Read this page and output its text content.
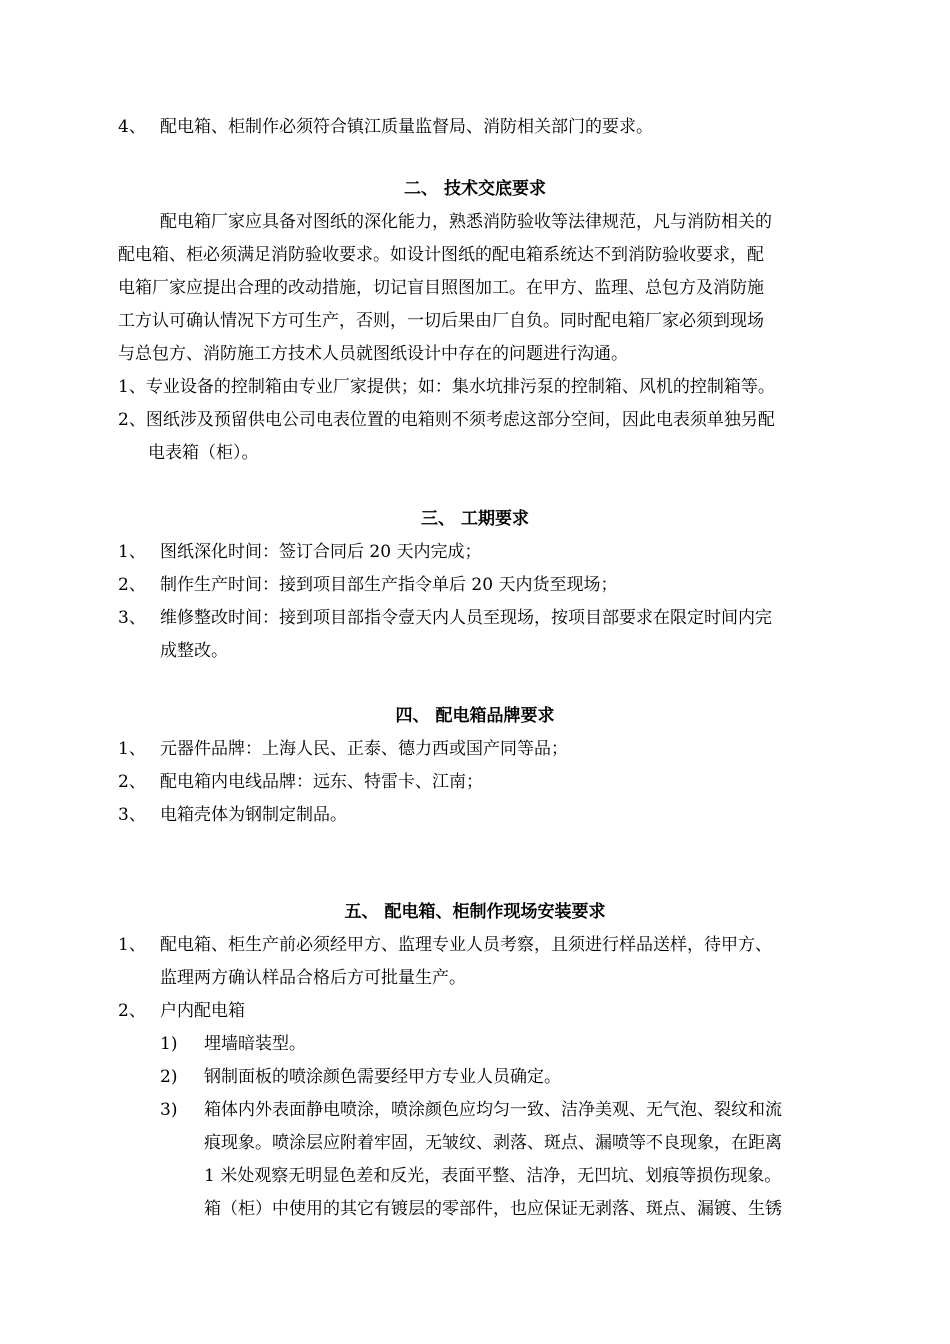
4、 配电箱、柜制作必须符合镇江质量监督局、消防相关部门的要求。
二、 技术交底要求
配电箱厂家应具备对图纸的深化能力，熟悉消防验收等法律规范，凡与消防相关的
配电箱、柜必须满足消防验收要求。如设计图纸的配电箱系统达不到消防验收要求，配
电箱厂家应提出合理的改动措施，切记盲目照图加工。在甲方、监理、总包方及消防施
工方认可确认情况下方可生产，否则，一切后果由厂自负。同时配电箱厂家必须到现场
与总包方、消防施工方技术人员就图纸设计中存在的问题进行沟通。
1、专业设备的控制箱由专业厂家提供；如：集水坑排污泵的控制箱、风机的控制箱等。
2、图纸涉及预留供电公司电表位置的电箱则不须考虑这部分空间，因此电表须单独另配
电表箱（柜）。
三、 工期要求
1、 图纸深化时间：签订合同后 20 天内完成；
2、 制作生产时间：接到项目部生产指令单后 20 天内货至现场；
3、 维修整改时间：接到项目部指令壹天内人员至现场，按项目部要求在限定时间内完
成整改。
四、 配电箱品牌要求
1、 元器件品牌：上海人民、正泰、德力西或国产同等品；
2、 配电箱内电线品牌：远东、特雷卡、江南；
3、 电箱壳体为钢制定制品。
五、 配电箱、柜制作现场安装要求
1、 配电箱、柜生产前必须经甲方、监理专业人员考察，且须进行样品送样，待甲方、
监理两方确认样品合格后方可批量生产。
2、 户内配电箱
1) 埋墙暗装型。
2) 钢制面板的喷涂颜色需要经甲方专业人员确定。
3) 箱体内外表面静电喷涂，喷涂颜色应均匀一致、洁净美观、无气泡、裂纹和流
痕现象。喷涂层应附着牢固，无皱纹、剥落、斑点、漏喷等不良现象，在距离
1 米处观察无明显色差和反光，表面平整、洁净，无凹坑、划痕等损伤现象。
箱（柜）中使用的其它有镀层的零部件，也应保证无剥落、斑点、漏镀、生锈
